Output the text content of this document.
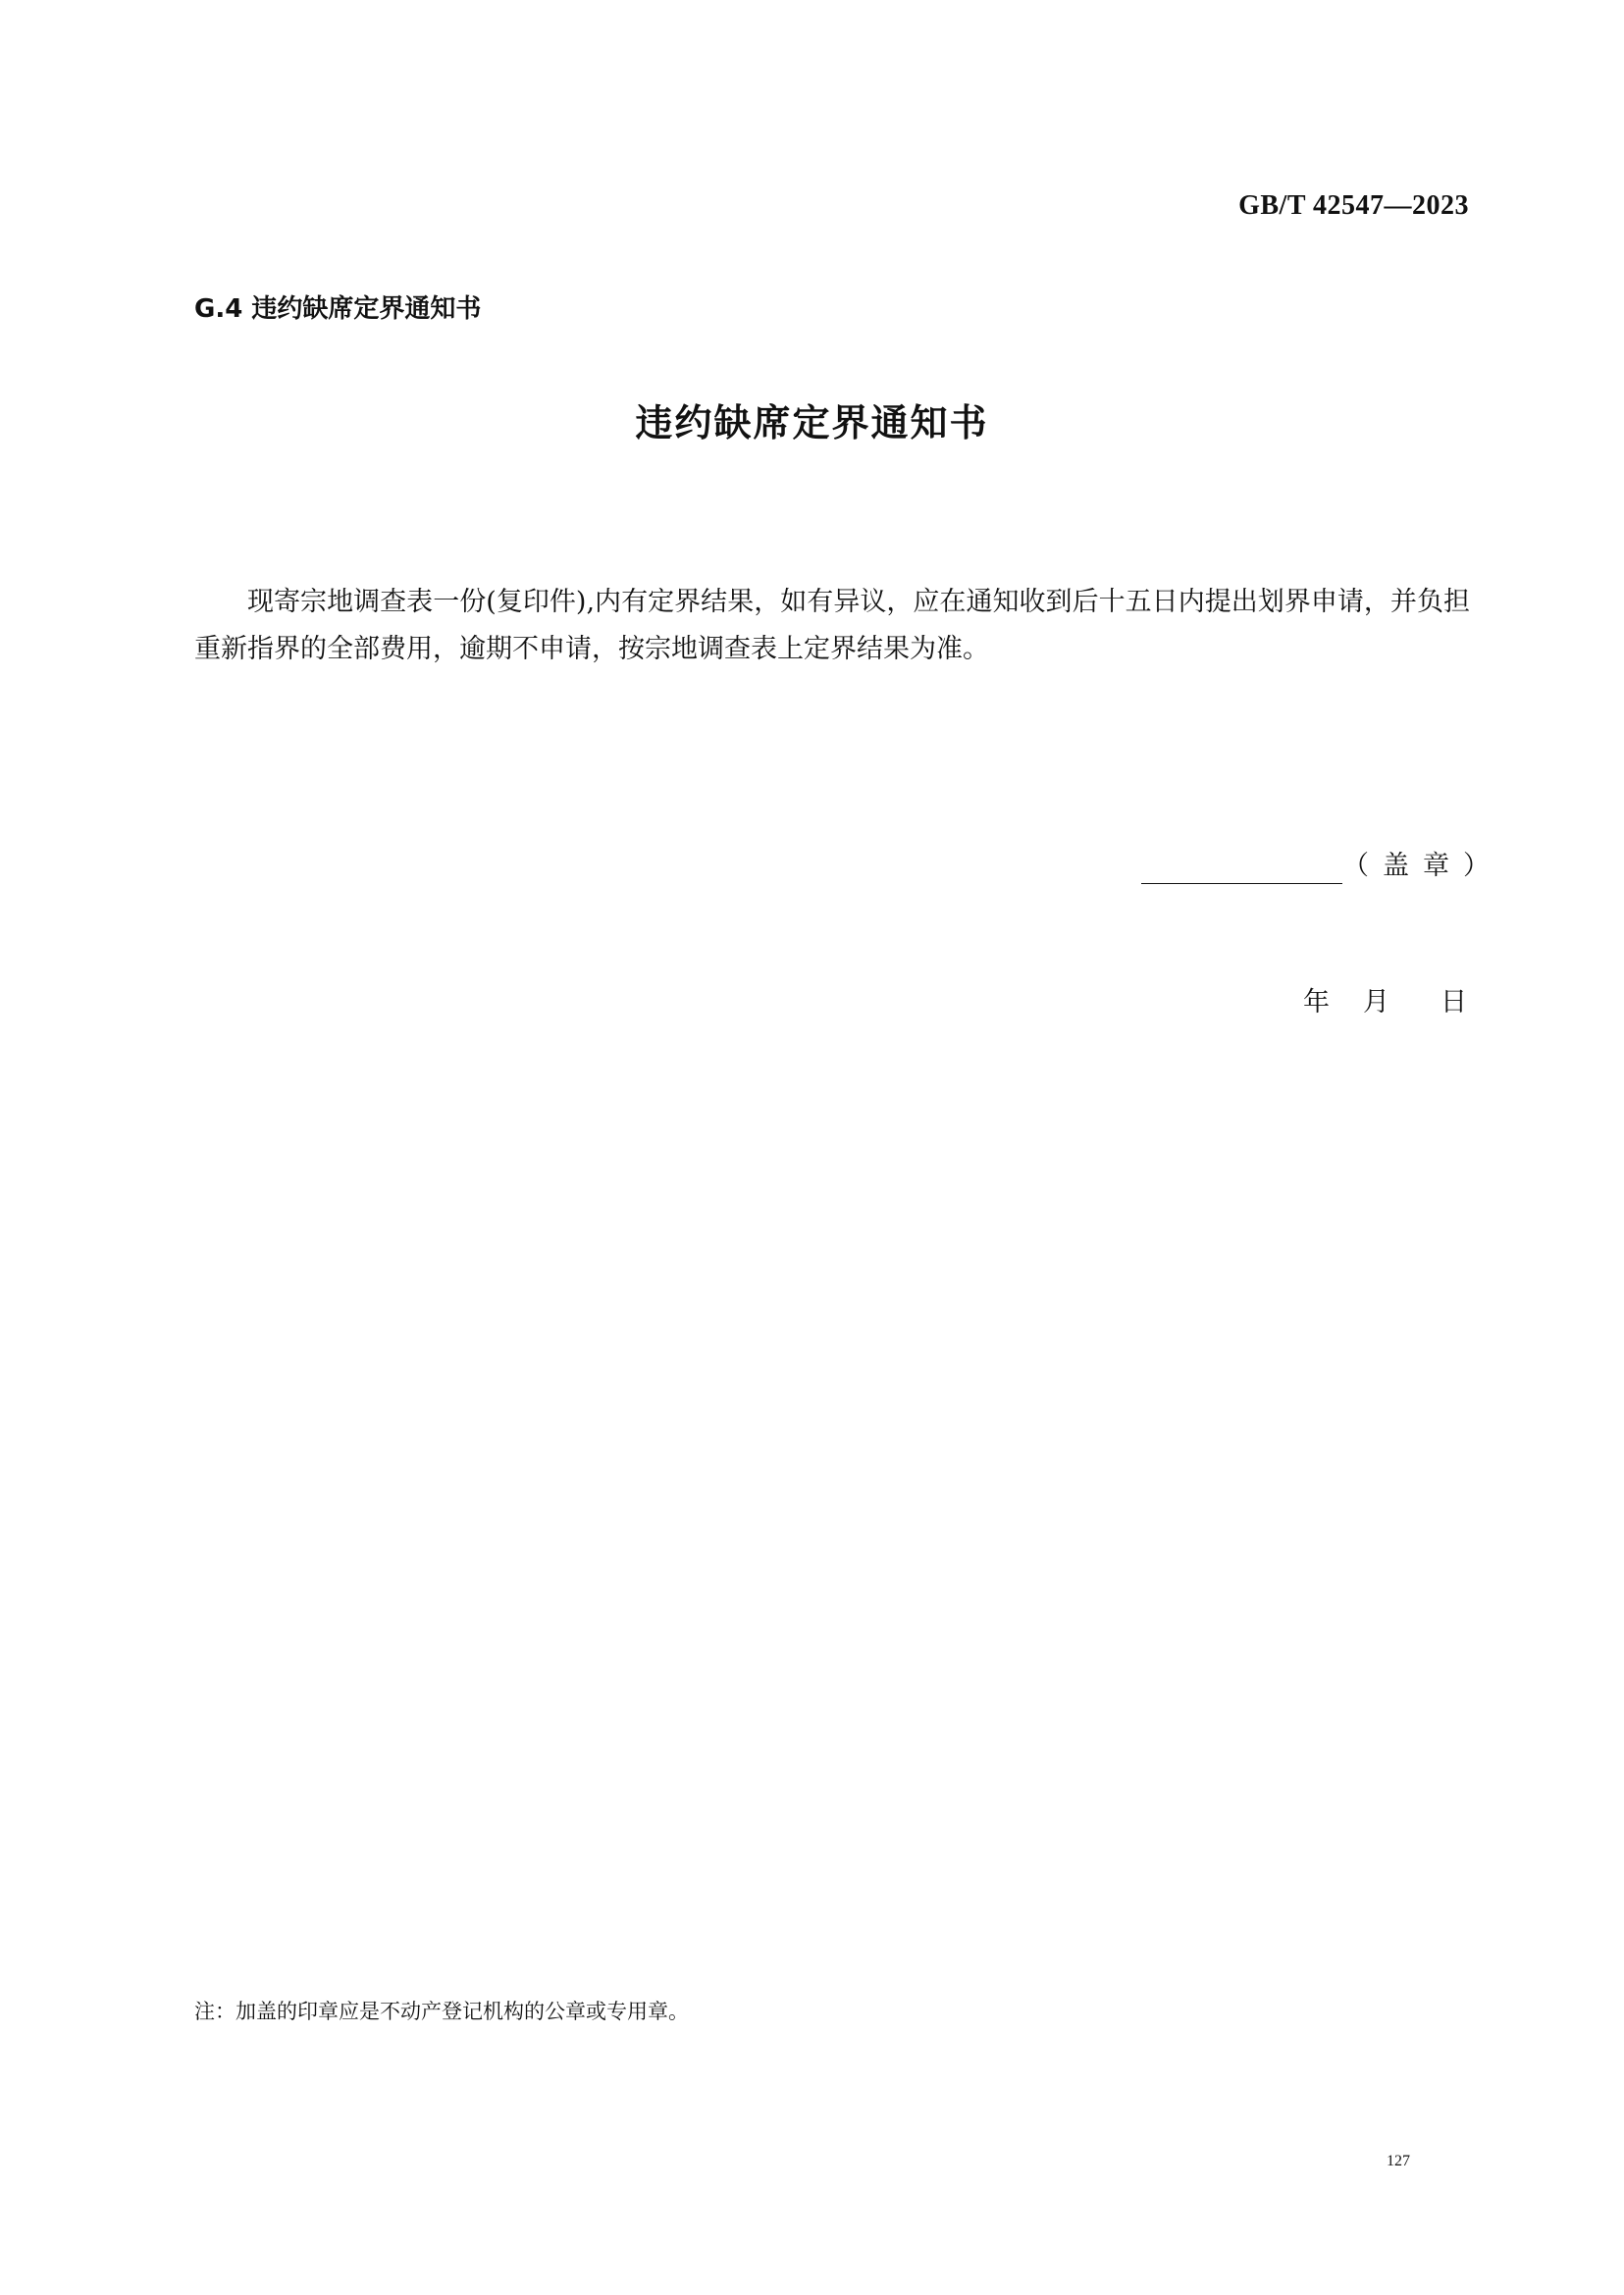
GB/T 42547—2023
G.4 违约缺席定界通知书
违约缺席定界通知书
现寄宗地调查表一份(复印件),内有定界结果，如有异议，应在通知收到后十五日内提出划界申请，并负担重新指界的全部费用，逾期不申请，按宗地调查表上定界结果为准。
（盖章）
年 月 日
注：加盖的印章应是不动产登记机构的公章或专用章。
127
